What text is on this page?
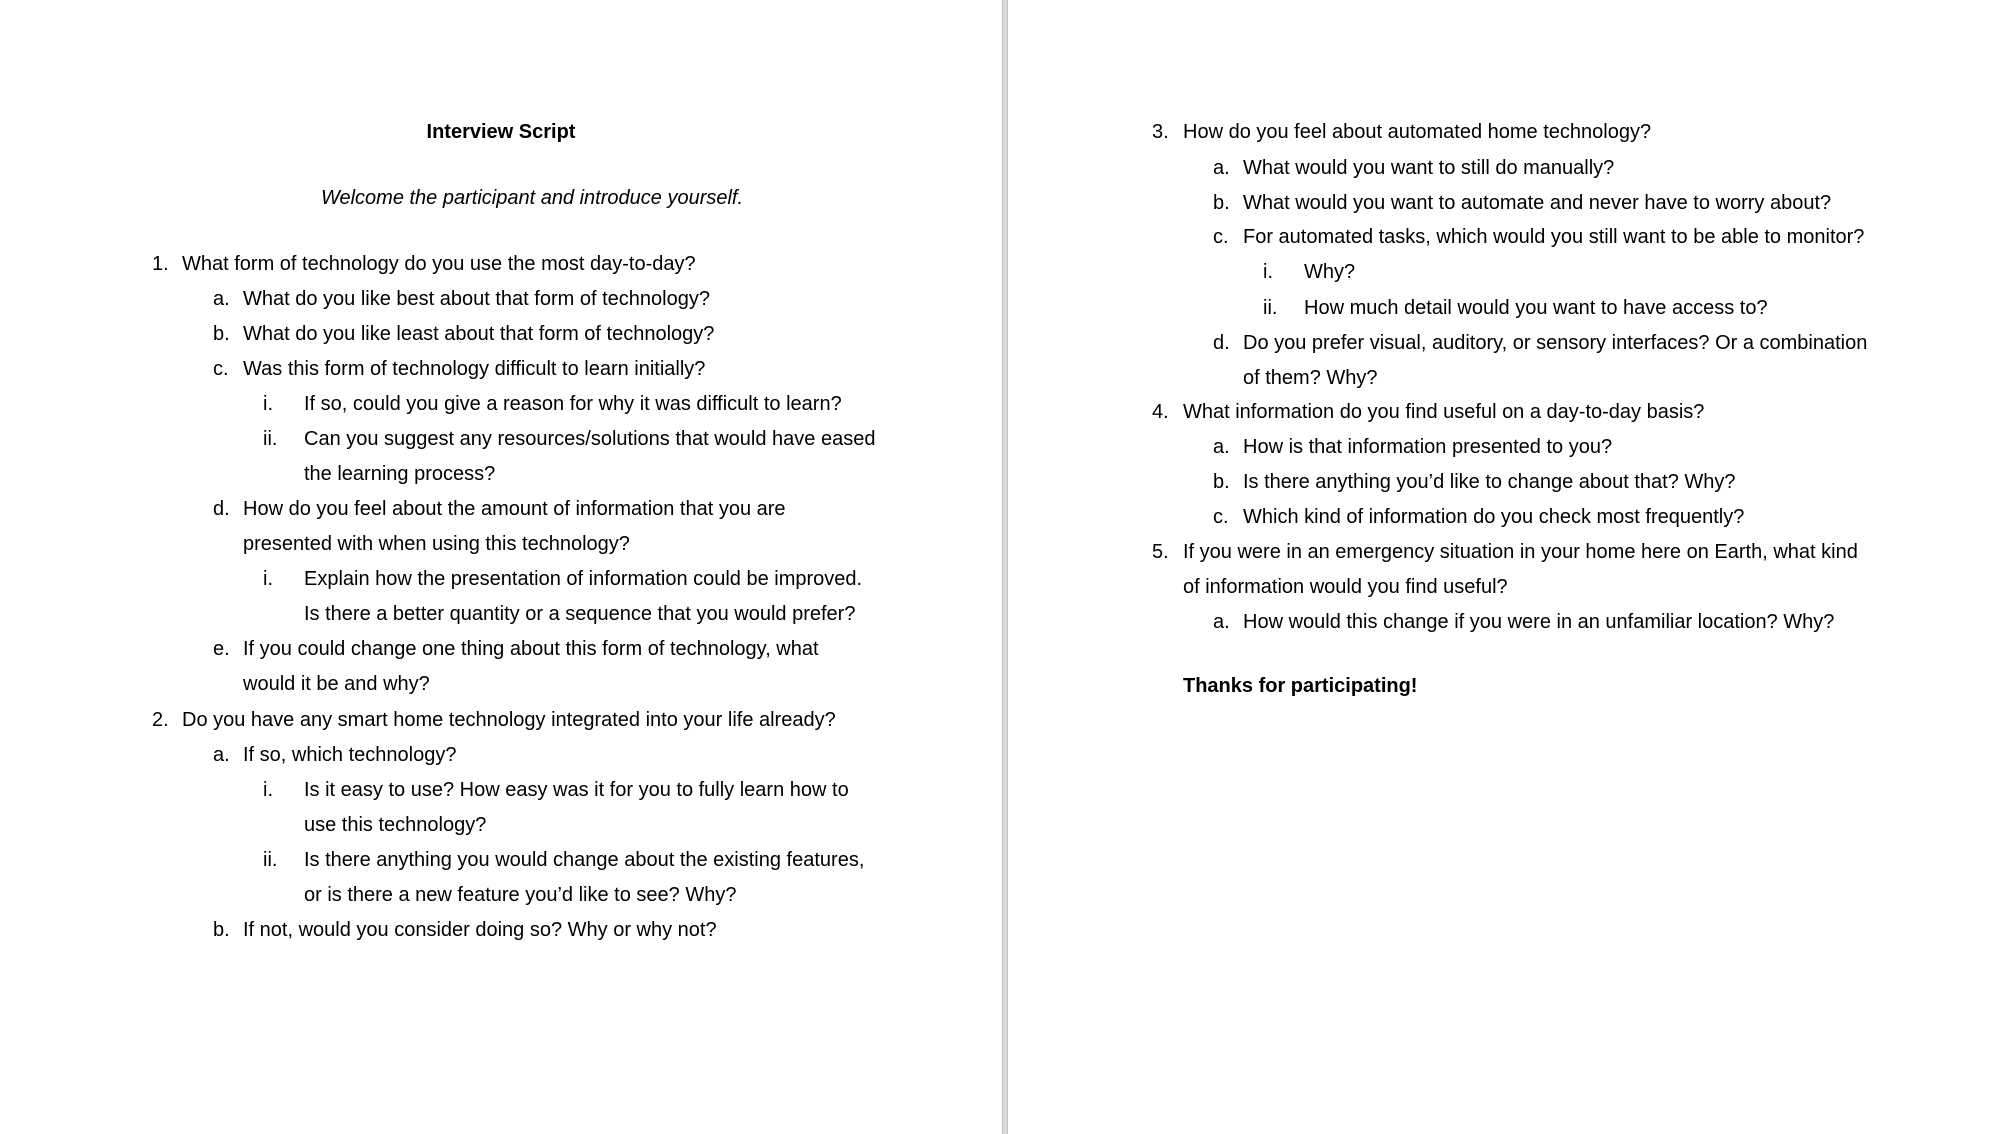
Interview Script
Welcome the participant and introduce yourself.
1. What form of technology do you use the most day-to-day?
a. What do you like best about that form of technology?
b. What do you like least about that form of technology?
c. Was this form of technology difficult to learn initially?
i. If so, could you give a reason for why it was difficult to learn?
ii. Can you suggest any resources/solutions that would have eased
the learning process?
d. How do you feel about the amount of information that you are
presented with when using this technology?
i. Explain how the presentation of information could be improved.
Is there a better quantity or a sequence that you would prefer?
e. If you could change one thing about this form of technology, what
would it be and why?
2. Do you have any smart home technology integrated into your life already?
a. If so, which technology?
i. Is it easy to use? How easy was it for you to fully learn how to
use this technology?
ii. Is there anything you would change about the existing features,
or is there a new feature you’d like to see? Why?
b. If not, would you consider doing so? Why or why not?
3. How do you feel about automated home technology?
a. What would you want to still do manually?
b. What would you want to automate and never have to worry about?
c. For automated tasks, which would you still want to be able to monitor?
i. Why?
ii. How much detail would you want to have access to?
d. Do you prefer visual, auditory, or sensory interfaces? Or a combination
of them? Why?
4. What information do you find useful on a day-to-day basis?
a. How is that information presented to you?
b. Is there anything you’d like to change about that? Why?
c. Which kind of information do you check most frequently?
5. If you were in an emergency situation in your home here on Earth, what kind
of information would you find useful?
a. How would this change if you were in an unfamiliar location? Why?
Thanks for participating!
